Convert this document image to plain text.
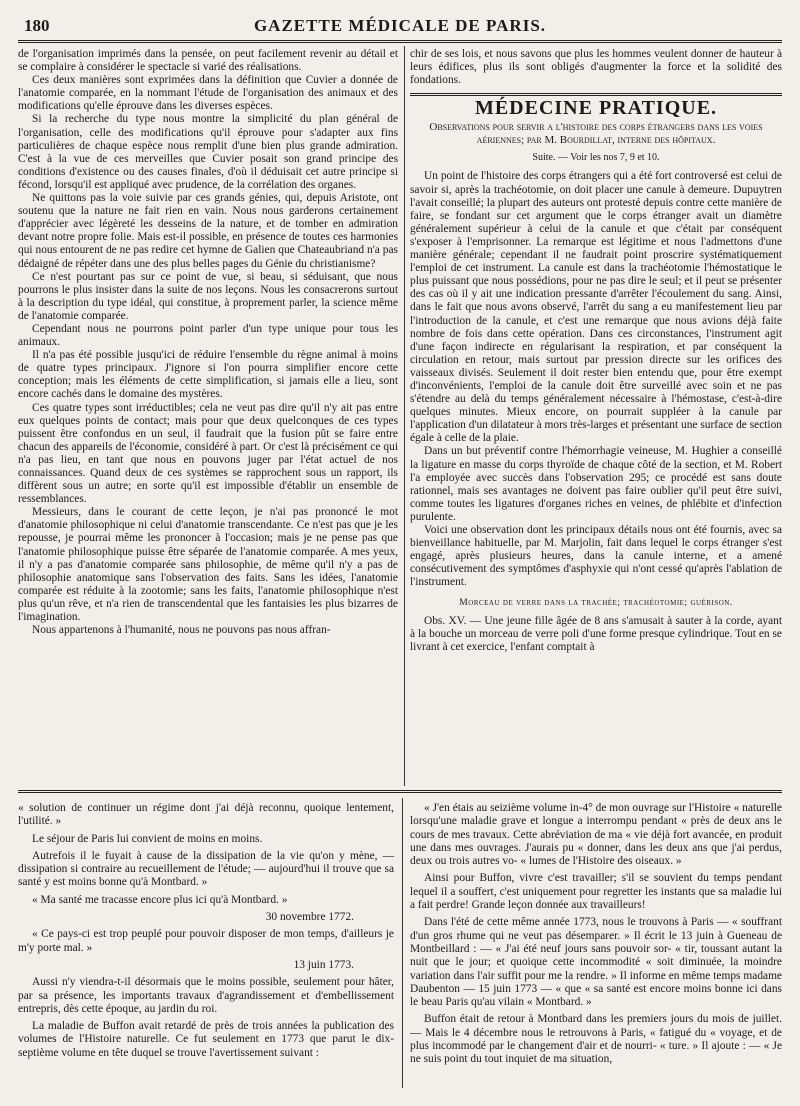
180	GAZETTE MÉDICALE DE PARIS.

de l'organisation imprimés dans la pensée, on peut facilement revenir au détail et se complaire à considérer le spectacle si varié des réalisations.

Ces deux manières sont exprimées dans la définition que Cuvier a donnée de l'anatomie comparée, en la nommant l'étude de l'organisation des animaux et des modifications qu'elle éprouve dans les diverses espèces.

Si la recherche du type nous montre la simplicité du plan général de l'organisation, celle des modifications qu'il éprouve pour s'adapter aux fins particulières de chaque espèce nous remplit d'une bien plus grande admiration. C'est à la vue de ces merveilles que Cuvier posait son grand principe des conditions d'existence ou des causes finales, d'où il déduisait cet autre principe si fécond, lorsqu'il est appliqué avec prudence, de la corrélation des organes.

Ne quittons pas la voie suivie par ces grands génies, qui, depuis Aristote, ont soutenu que la nature ne fait rien en vain. Nous nous garderons certainement d'apprécier avec légèreté les desseins de la nature, et de tomber en admiration devant notre propre folie. Mais est-il possible, en présence de toutes ces harmonies qui nous entourent de ne pas redire cet hymne de Galien que Chateaubriand n'a pas dédaigné de répéter dans une des plus belles pages du Génie du christianisme?

Ce n'est pourtant pas sur ce point de vue, si beau, si séduisant, que nous pourrons le plus insister dans la suite de nos leçons. Nous les consacrerons surtout à la description du type idéal, qui constitue, à proprement parler, la science même de l'anatomie comparée.

Cependant nous ne pourrons point parler d'un type unique pour tous les animaux.

Il n'a pas été possible jusqu'ici de réduire l'ensemble du règne animal à moins de quatre types principaux. J'ignore si l'on pourra simplifier encore cette conception; mais les éléments de cette simplification, si jamais elle a lieu, sont encore cachés dans le domaine des mystères.

Ces quatre types sont irréductibles; cela ne veut pas dire qu'il n'y ait pas entre eux quelques points de contact; mais pour que deux quelconques de ces types puissent être confondus en un seul, il faudrait que la fusion pût se faire entre chacun des appareils de l'économie, considéré à part. Or c'est là précisément ce qui n'a pas lieu, en tant que nous en pouvons juger par l'état actuel de nos connaissances. Quand deux de ces systèmes se rapprochent sous un rapport, ils diffèrent sous un autre; en sorte qu'il est impossible d'établir un ensemble de ressemblances.

Messieurs, dans le courant de cette leçon, je n'ai pas prononcé le mot d'anatomie philosophique ni celui d'anatomie transcendante. Ce n'est pas que je les repousse, je pourrai même les prononcer à l'occasion; mais je ne pense pas que l'anatomie philosophique puisse être séparée de l'anatomie comparée. A mes yeux, il n'y a pas d'anatomie comparée sans philosophie, de même qu'il n'y a pas de philosophie anatomique sans l'observation des faits. Sans les idées, l'anatomie comparée est réduite à la zootomie; sans les faits, l'anatomie philosophique n'est plus qu'un rêve, et n'a rien de transcendental que les fantaisies les plus bizarres de l'imagination.

Nous appartenons à l'humanité, nous ne pouvons pas nous affran-

chir de ses lois, et nous savons que plus les hommes veulent donner de hauteur à leurs édifices, plus ils sont obligés d'augmenter la force et la solidité des fondations.

MÉDECINE PRATIQUE.
Observations pour servir a l'histoire des corps étrangers dans les voies aériennes; par M. Bourdillat, interne des hôpitaux.
Suite. — Voir les nos 7, 9 et 10.

Un point de l'histoire des corps étrangers qui a été fort controversé est celui de savoir si, après la trachéotomie, on doit placer une canule à demeure. Dupuytren l'avait conseillé; la plupart des auteurs ont protesté depuis contre cette manière de faire, se fondant sur cet argument que le corps étranger avait un diamètre généralement supérieur à celui de la canule et que c'était par conséquent s'exposer à l'emprisonner. La remarque est légitime et nous l'admettons d'une manière générale; cependant il ne faudrait point proscrire systématiquement l'emploi de cet instrument. La canule est dans la trachéotomie l'hémostatique le plus puissant que nous possédions, pour ne pas dire le seul; et il peut se présenter des cas où il y ait une indication pressante d'arrêter l'écoulement du sang. Ainsi, dans le fait que nous avons observé, l'arrêt du sang a eu manifestement lieu par l'introduction de la canule, et c'est une remarque que nous avions déjà faite nombre de fois dans cette opération. Dans ces circonstances, l'instrument agit d'une façon indirecte en régularisant la respiration, et par conséquent la circulation en retour, mais surtout par pression directe sur les orifices des vaisseaux divisés. Seulement il doit rester bien entendu que, pour être exempt d'inconvénients, l'emploi de la canule doit être surveillé avec soin et ne pas s'étendre au delà du temps généralement nécessaire à l'hémostase, c'est-à-dire quelques minutes. Mieux encore, on pourrait suppléer à la canule par l'application d'un dilatateur à mors très-larges et présentant une surface de section égale à celle de la plaie.

Dans un but préventif contre l'hémorrhagie veineuse, M. Hughier a conseillé la ligature en masse du corps thyroïde de chaque côté de la section, et M. Robert l'a employée avec succès dans l'observation 295; ce procédé est sans doute rationnel, mais ses avantages ne doivent pas faire oublier qu'il peut être suivi, comme toutes les ligatures d'organes riches en veines, de phlébite et d'infection purulente.

Voici une observation dont les principaux détails nous ont été fournis, avec sa bienveillance habituelle, par M. Marjolin, fait dans lequel le corps étranger s'est engagé, après plusieurs heures, dans la canule interne, et a amené consécutivement des symptômes d'asphyxie qui n'ont cessé qu'après l'ablation de l'instrument.

Morceau de verre dans la trachée; trachéotomie; guérison.

Obs. XV. — Une jeune fille âgée de 8 ans s'amusait à sauter à la corde, ayant à la bouche un morceau de verre poli d'une forme presque cylindrique. Tout en se livrant à cet exercice, l'enfant comptait à

« solution de continuer un régime dont j'ai déjà reconnu, quoique lentement, l'utilité. »

Le séjour de Paris lui convient de moins en moins.

Autrefois il le fuyait à cause de la dissipation de la vie qu'on y mène, — dissipation si contraire au recueillement de l'étude; — aujourd'hui il trouve que sa santé y est moins bonne qu'à Montbard. »

« Ma santé me tracasse encore plus ici qu'à Montbard. »

30 novembre 1772.

« Ce pays-ci est trop peuplé pour pouvoir disposer de mon temps, d'ailleurs je m'y porte mal. »

13 juin 1773.

Aussi n'y viendra-t-il désormais que le moins possible, seulement pour hâter, par sa présence, les importants travaux d'agrandissement et d'embellissement entrepris, dès cette époque, au jardin du roi.

La maladie de Buffon avait retardé de près de trois années la publication des volumes de l'Histoire naturelle. Ce fut seulement en 1773 que parut le dix-septième volume en tête duquel se trouve l'avertissement suivant :

« J'en étais au seizième volume in-4° de mon ouvrage sur l'Histoire « naturelle lorsqu'une maladie grave et longue a interrompu pendant « près de deux ans le cours de mes travaux. Cette abréviation de ma « vie déjà fort avancée, en produit une dans mes ouvrages. J'aurais pu « donner, dans les deux ans que j'ai perdus, deux ou trois autres vo- « lumes de l'Histoire des oiseaux. »

Ainsi pour Buffon, vivre c'est travailler; s'il se souvient du temps pendant lequel il a souffert, c'est uniquement pour regretter les instants que sa maladie lui a fait perdre! Grande leçon donnée aux travailleurs!

Dans l'été de cette même année 1773, nous le trouvons à Paris — « souffrant d'un gros rhume qui ne veut pas désemparer. » Il écrit le 13 juin à Gueneau de Montbeillard : — « J'ai été neuf jours sans pouvoir sor- « tir, toussant autant la nuit que le jour; et quoique cette incommodité « soit diminuée, la moindre variation dans l'air suffit pour me la rendre. » Il informe en même temps madame Daubenton — 15 juin 1773 — « que « sa santé est encore moins bonne ici dans le beau Paris qu'au vilain « Montbard. »

Buffon était de retour à Montbard dans les premiers jours du mois de juillet. — Mais le 4 décembre nous le retrouvons à Paris, « fatigué du « voyage, et de plus incommodé par le changement d'air et de nourri- « ture. » Il ajoute : — « Je ne suis point du tout inquiet de ma situation,
